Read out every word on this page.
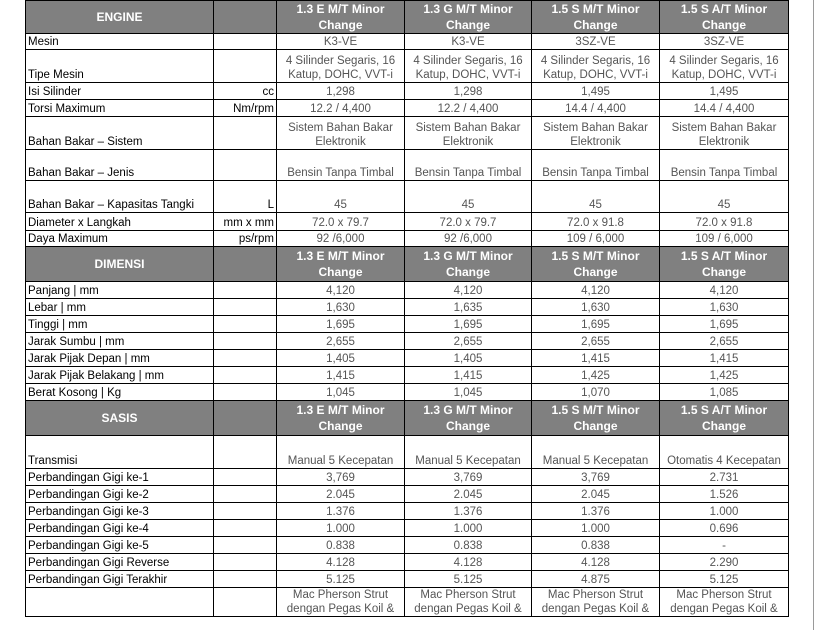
ENGINE		1.3 E M/T Minor Change	1.3 G M/T Minor Change	1.5 S M/T Minor Change	1.5 S A/T Minor Change
Mesin		K3-VE	K3-VE	3SZ-VE	3SZ-VE
Tipe Mesin		4 Silinder Segaris, 16 Katup, DOHC, VVT-i	4 Silinder Segaris, 16 Katup, DOHC, VVT-i	4 Silinder Segaris, 16 Katup, DOHC, VVT-i	4 Silinder Segaris, 16 Katup, DOHC, VVT-i
Isi Silinder	cc	1,298	1,298	1,495	1,495
Torsi Maximum	Nm/rpm	12.2 / 4,400	12.2 / 4,400	14.4 / 4,400	14.4 / 4,400
Bahan Bakar – Sistem		Sistem Bahan Bakar Elektronik	Sistem Bahan Bakar Elektronik	Sistem Bahan Bakar Elektronik	Sistem Bahan Bakar Elektronik
Bahan Bakar – Jenis		Bensin Tanpa Timbal	Bensin Tanpa Timbal	Bensin Tanpa Timbal	Bensin Tanpa Timbal
Bahan Bakar – Kapasitas Tangki	L	45	45	45	45
Diameter x Langkah	mm x mm	72.0 x 79.7	72.0 x 79.7	72.0 x 91.8	72.0 x 91.8
Daya Maximum	ps/rpm	92 /6,000	92 /6,000	109 / 6,000	109 / 6,000
DIMENSI		1.3 E M/T Minor Change	1.3 G M/T Minor Change	1.5 S M/T Minor Change	1.5 S A/T Minor Change
Panjang | mm		4,120	4,120	4,120	4,120
Lebar | mm		1,630	1,635	1,630	1,630
Tinggi | mm		1,695	1,695	1,695	1,695
Jarak Sumbu | mm		2,655	2,655	2,655	2,655
Jarak Pijak Depan | mm		1,405	1,405	1,415	1,415
Jarak Pijak Belakang | mm		1,415	1,415	1,425	1,425
Berat Kosong | Kg		1,045	1,045	1,070	1,085
SASIS		1.3 E M/T Minor Change	1.3 G M/T Minor Change	1.5 S M/T Minor Change	1.5 S A/T Minor Change
Transmisi		Manual 5 Kecepatan	Manual 5 Kecepatan	Manual 5 Kecepatan	Otomatis 4 Kecepatan
Perbandingan Gigi ke-1		3,769	3,769	3,769	2.731
Perbandingan Gigi ke-2		2.045	2.045	2.045	1.526
Perbandingan Gigi ke-3		1.376	1.376	1.376	1.000
Perbandingan Gigi ke-4		1.000	1.000	1.000	0.696
Perbandingan Gigi ke-5		0.838	0.838	0.838	-
Perbandingan Gigi Reverse		4.128	4.128	4.128	2.290
Perbandingan Gigi Terakhir		5.125	5.125	4.875	5.125
		Mac Pherson Strut dengan Pegas Koil &	Mac Pherson Strut dengan Pegas Koil &	Mac Pherson Strut dengan Pegas Koil &	Mac Pherson Strut dengan Pegas Koil &
